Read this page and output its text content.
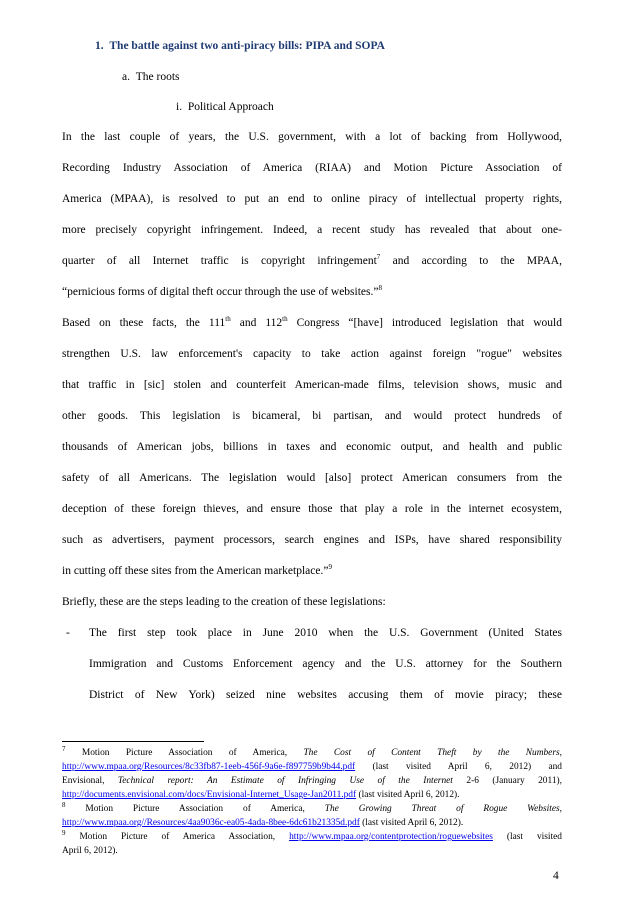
1. The battle against two anti-piracy bills: PIPA and SOPA
a.  The roots
i.  Political Approach
In the last couple of years, the U.S. government, with a lot of backing from Hollywood,
Recording Industry Association of America (RIAA) and Motion Picture Association of
America (MPAA), is resolved to put an end to online piracy of intellectual property rights,
more precisely copyright infringement. Indeed, a recent study has revealed that about one-
quarter of all Internet traffic is copyright infringement$^7$ and according to the MPAA,
“pernicious forms of digital theft occur through the use of websites.”$^8$
Based on these facts, the 111th and 112th Congress “[have] introduced legislation that would
strengthen U.S. law enforcement's capacity to take action against foreign "rogue" websites
that traffic in [sic] stolen and counterfeit American-made films, television shows, music and
other goods. This legislation is bicameral, bi partisan, and would protect hundreds of
thousands of American jobs, billions in taxes and economic output, and health and public
safety of all Americans. The legislation would [also] protect American consumers from the
deception of these foreign thieves, and ensure those that play a role in the internet ecosystem,
such as advertisers, payment processors, search engines and ISPs, have shared responsibility
in cutting off these sites from the American marketplace.”$^9$
Briefly, these are the steps leading to the creation of these legislations:
- The first step took place in June 2010 when the U.S. Government (United States
Immigration and Customs Enforcement agency and the U.S. attorney for the Southern
District of New York) seized nine websites accusing them of movie piracy; these
$^7$ Motion Picture Association of America, The Cost of Content Theft by the Numbers,
http://www.mpaa.org/Resources/8c33fb87-1eeb-456f-9a6e-f897759b9b44.pdf (last visited April 6, 2012) and
Envisional, Technical report: An Estimate of Infringing Use of the Internet 2-6 (January 2011),
http://documents.envisional.com/docs/Envisional-Internet_Usage-Jan2011.pdf (last visited April 6, 2012).
$^8$ Motion Picture Association of America, The Growing Threat of Rogue Websites,
http://www.mpaa.org//Resources/4aa9036c-ea05-4ada-8bee-6dc61b21335d.pdf (last visited April 6, 2012).
$^9$ Motion Picture of America Association, http://www.mpaa.org/contentprotection/roguewebsites (last visited
April 6, 2012).
4
